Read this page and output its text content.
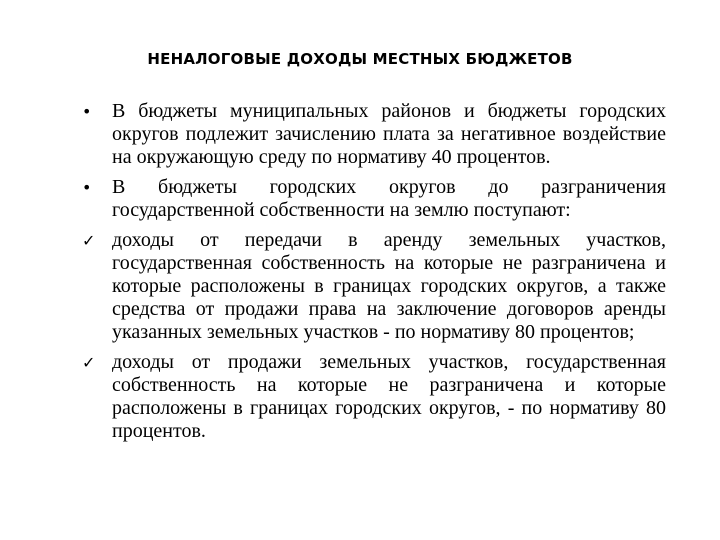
НЕНАЛОГОВЫЕ ДОХОДЫ МЕСТНЫХ БЮДЖЕТОВ
•	В бюджеты муниципальных районов и бюджеты городских округов подлежит зачислению плата за негативное воздействие на окружающую среду по нормативу 40 процентов.
•	В бюджеты городских округов до разграничения государственной собственности на землю поступают:
✓ доходы от передачи в аренду земельных участков, государственная собственность на которые не разграничена и которые расположены в границах городских округов, а также средства от продажи права на заключение договоров аренды указанных земельных участков - по нормативу 80 процентов;
✓ доходы от продажи земельных участков, государственная собственность на которые не разграничена и которые расположены в границах городских округов, - по нормативу 80 процентов.
